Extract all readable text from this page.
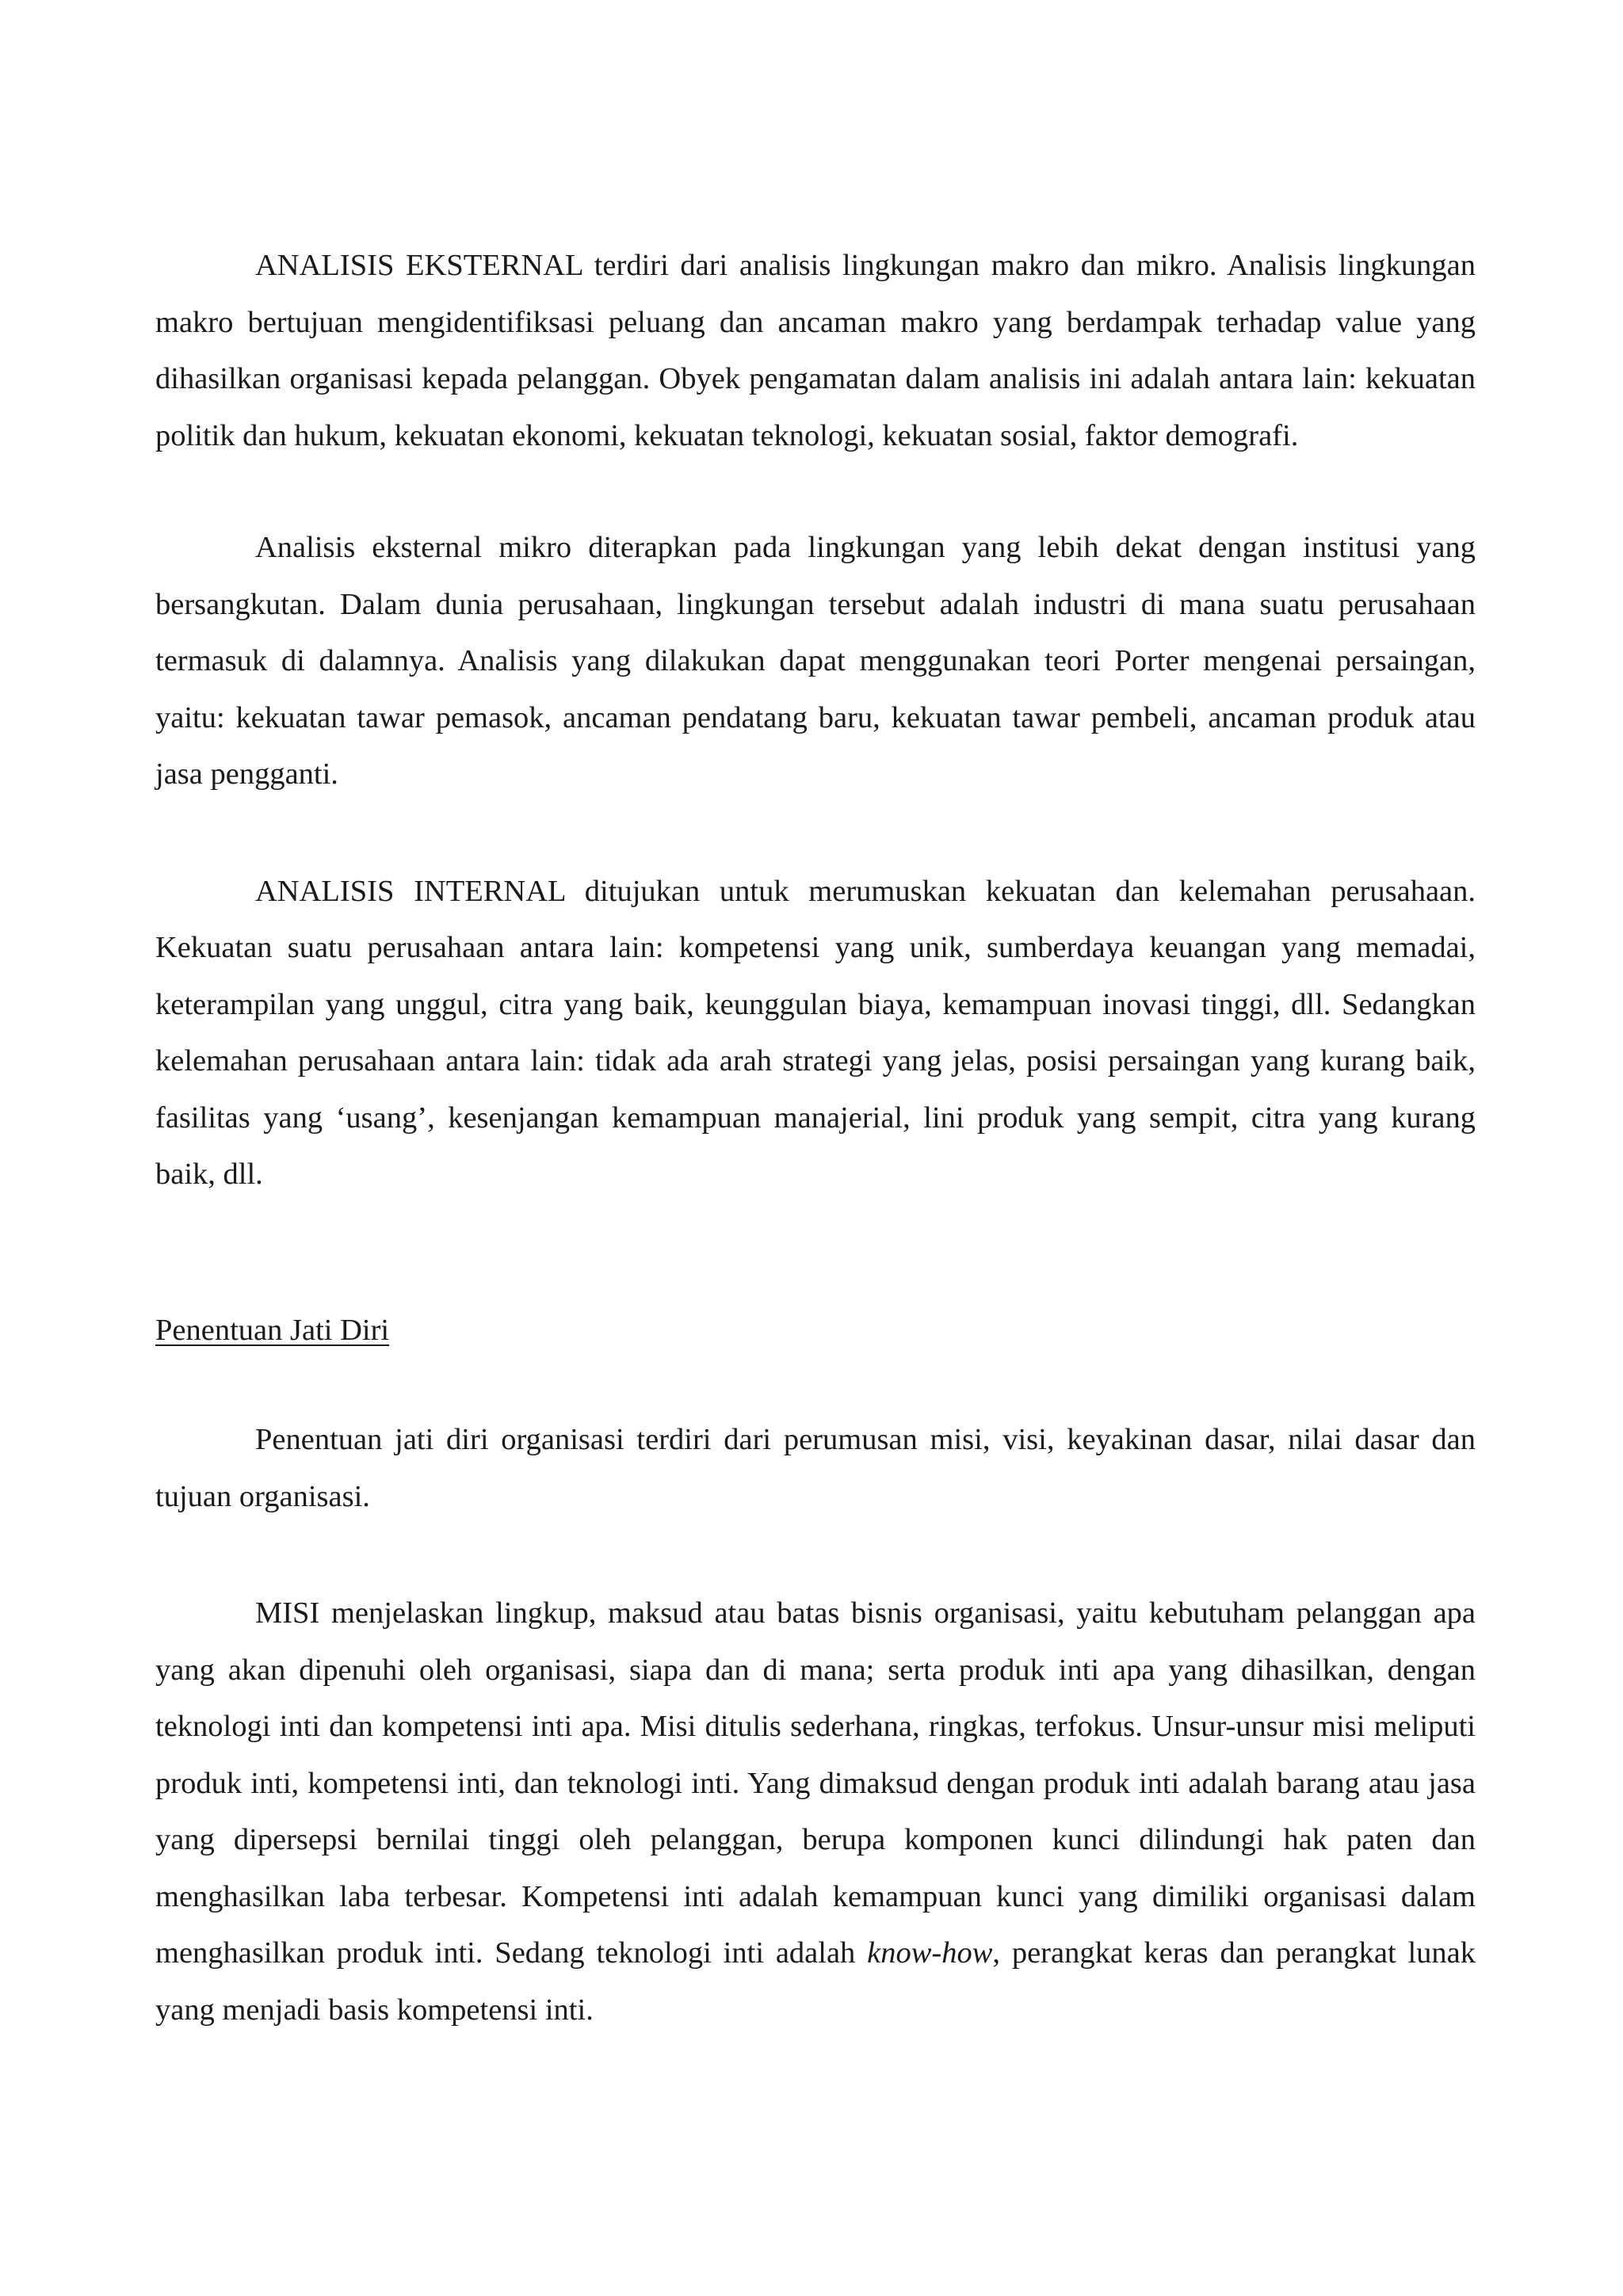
ANALISIS EKSTERNAL terdiri dari analisis lingkungan makro dan mikro. Analisis lingkungan makro bertujuan mengidentifiksasi peluang dan ancaman makro yang berdampak terhadap value yang dihasilkan organisasi kepada pelanggan. Obyek pengamatan dalam analisis ini adalah antara lain: kekuatan politik dan hukum, kekuatan ekonomi, kekuatan teknologi, kekuatan sosial, faktor demografi.

Analisis eksternal mikro diterapkan pada lingkungan yang lebih dekat dengan institusi yang bersangkutan. Dalam dunia perusahaan, lingkungan tersebut adalah industri di mana suatu perusahaan termasuk di dalamnya. Analisis yang dilakukan dapat menggunakan teori Porter mengenai persaingan, yaitu: kekuatan tawar pemasok, ancaman pendatang baru, kekuatan tawar pembeli, ancaman produk atau jasa pengganti.

ANALISIS INTERNAL ditujukan untuk merumuskan kekuatan dan kelemahan perusahaan. Kekuatan suatu perusahaan antara lain: kompetensi yang unik, sumberdaya keuangan yang memadai, keterampilan yang unggul, citra yang baik, keunggulan biaya, kemampuan inovasi tinggi, dll. Sedangkan kelemahan perusahaan antara lain: tidak ada arah strategi yang jelas, posisi persaingan yang kurang baik, fasilitas yang ‘usang’, kesenjangan kemampuan manajerial, lini produk yang sempit, citra yang kurang baik, dll.

Penentuan Jati Diri

Penentuan jati diri organisasi terdiri dari perumusan misi, visi, keyakinan dasar, nilai dasar dan tujuan organisasi.

MISI menjelaskan lingkup, maksud atau batas bisnis organisasi, yaitu kebutuham pelanggan apa yang akan dipenuhi oleh organisasi, siapa dan di mana; serta produk inti apa yang dihasilkan, dengan teknologi inti dan kompetensi inti apa. Misi ditulis sederhana, ringkas, terfokus. Unsur-unsur misi meliputi produk inti, kompetensi inti, dan teknologi inti. Yang dimaksud dengan produk inti adalah barang atau jasa yang dipersepsi bernilai tinggi oleh pelanggan, berupa komponen kunci dilindungi hak paten dan menghasilkan laba terbesar. Kompetensi inti adalah kemampuan kunci yang dimiliki organisasi dalam menghasilkan produk inti. Sedang teknologi inti adalah know-how, perangkat keras dan perangkat lunak yang menjadi basis kompetensi inti.
